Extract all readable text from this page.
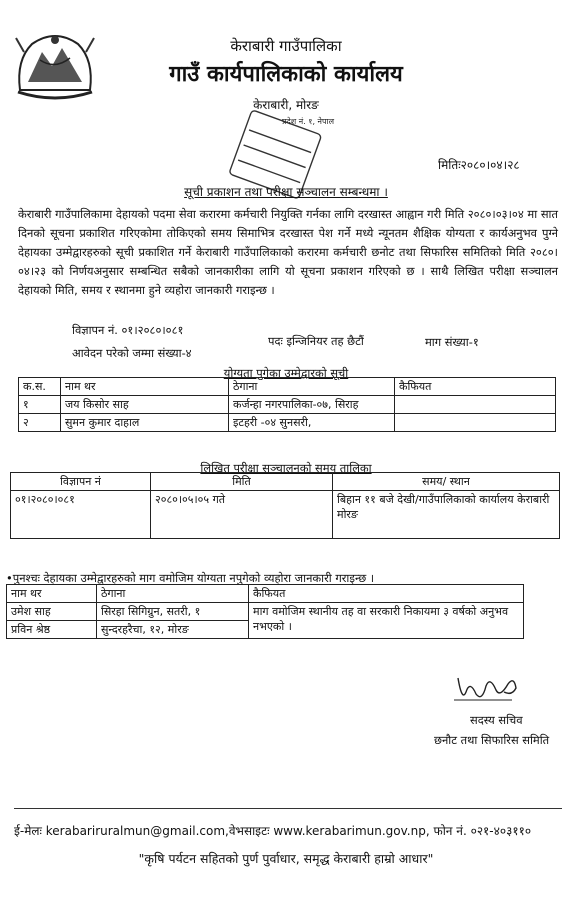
केराबारी गाउँपालिका
गाउँ कार्यपालिकाको कार्यालय
केराबारी, मोरङ
प्रदेश नं. १, नेपाल
मितिः२०८०।०४।२८
सूची प्रकाशन तथा परीक्षा सञ्चालन सम्बन्धमा ।
केराबारी गाउँपालिकामा देहायको पदमा सेवा करारमा कर्मचारी नियुक्ति गर्नका लागि दरखास्त आह्वान गरी मिति २०८०।०३।०४ मा सात दिनको सूचना प्रकाशित गरिएकोमा तोकिएको समय सिमाभित्र दरखास्त पेश गर्ने मध्ये न्यूनतम शैक्षिक योग्यता र कार्यअनुभव पुग्ने देहायका उम्मेद्वारहरुको सूची प्रकाशित गर्ने केराबारी गाउँपालिकाको करारमा कर्मचारी छनोट तथा सिफारिस समितिको मिति २०८०।०४।२३ को निर्णयअनुसार सम्बन्धित सबैको जानकारीका लागि यो सूचना प्रकाशन गरिएको छ । साथै लिखित परीक्षा सञ्चालन देहायको मिति, समय र स्थानमा हुने व्यहोरा जानकारी गराइन्छ ।
विज्ञापन नं. ०१।२०८०।०८१
पदः इन्जिनियर तह छैटौं	माग संख्या-१
आवेदन परेको जम्मा संख्या-४
योग्यता पुगेका उम्मेद्वारको सूची
क.स.	नाम थर	ठेगाना	कैफियत
१	जय किसोर साह	कर्जन्हा नगरपालिका-०७, सिराह	
२	सुमन कुमार दाहाल	इटहरी -०४ सुनसरी,	
लिखित परीक्षा सञ्चालनको समय तालिका
विज्ञापन नं	मिति	समय/ स्थान
०१।२०८०।०८१	२०८०।०५।०५ गते	बिहान ११ बजे देखी/गाउँपालिकाको कार्यालय केराबारी मोरङ
•पुनश्चः देहायका उम्मेद्वारहरुको माग वमोजिम योग्यता नपुगेको व्यहोरा जानकारी गराइन्छ ।
नाम थर	ठेगाना	कैफियत
उमेश साह	सिरहा सिगिग्रुन, सतरी, १	माग वमोजिम स्थानीय तह वा सरकारी निकायमा ३ वर्षको अनुभव नभएको ।
प्रविन श्रेष्ठ	सुन्दरहरैचा, १२, मोरङ	
सदस्य सचिव
छनौट तथा सिफारिस समिति
ई-मेलः kerabariruralmun@gmail.com,वेभसाइटः www.kerabarimun.gov.np, फोन नं. ०२१-४०३११०
"कृषि पर्यटन सहितको पुर्ण पुर्वाधार, समृद्ध केराबारी हाम्रो आधार"
